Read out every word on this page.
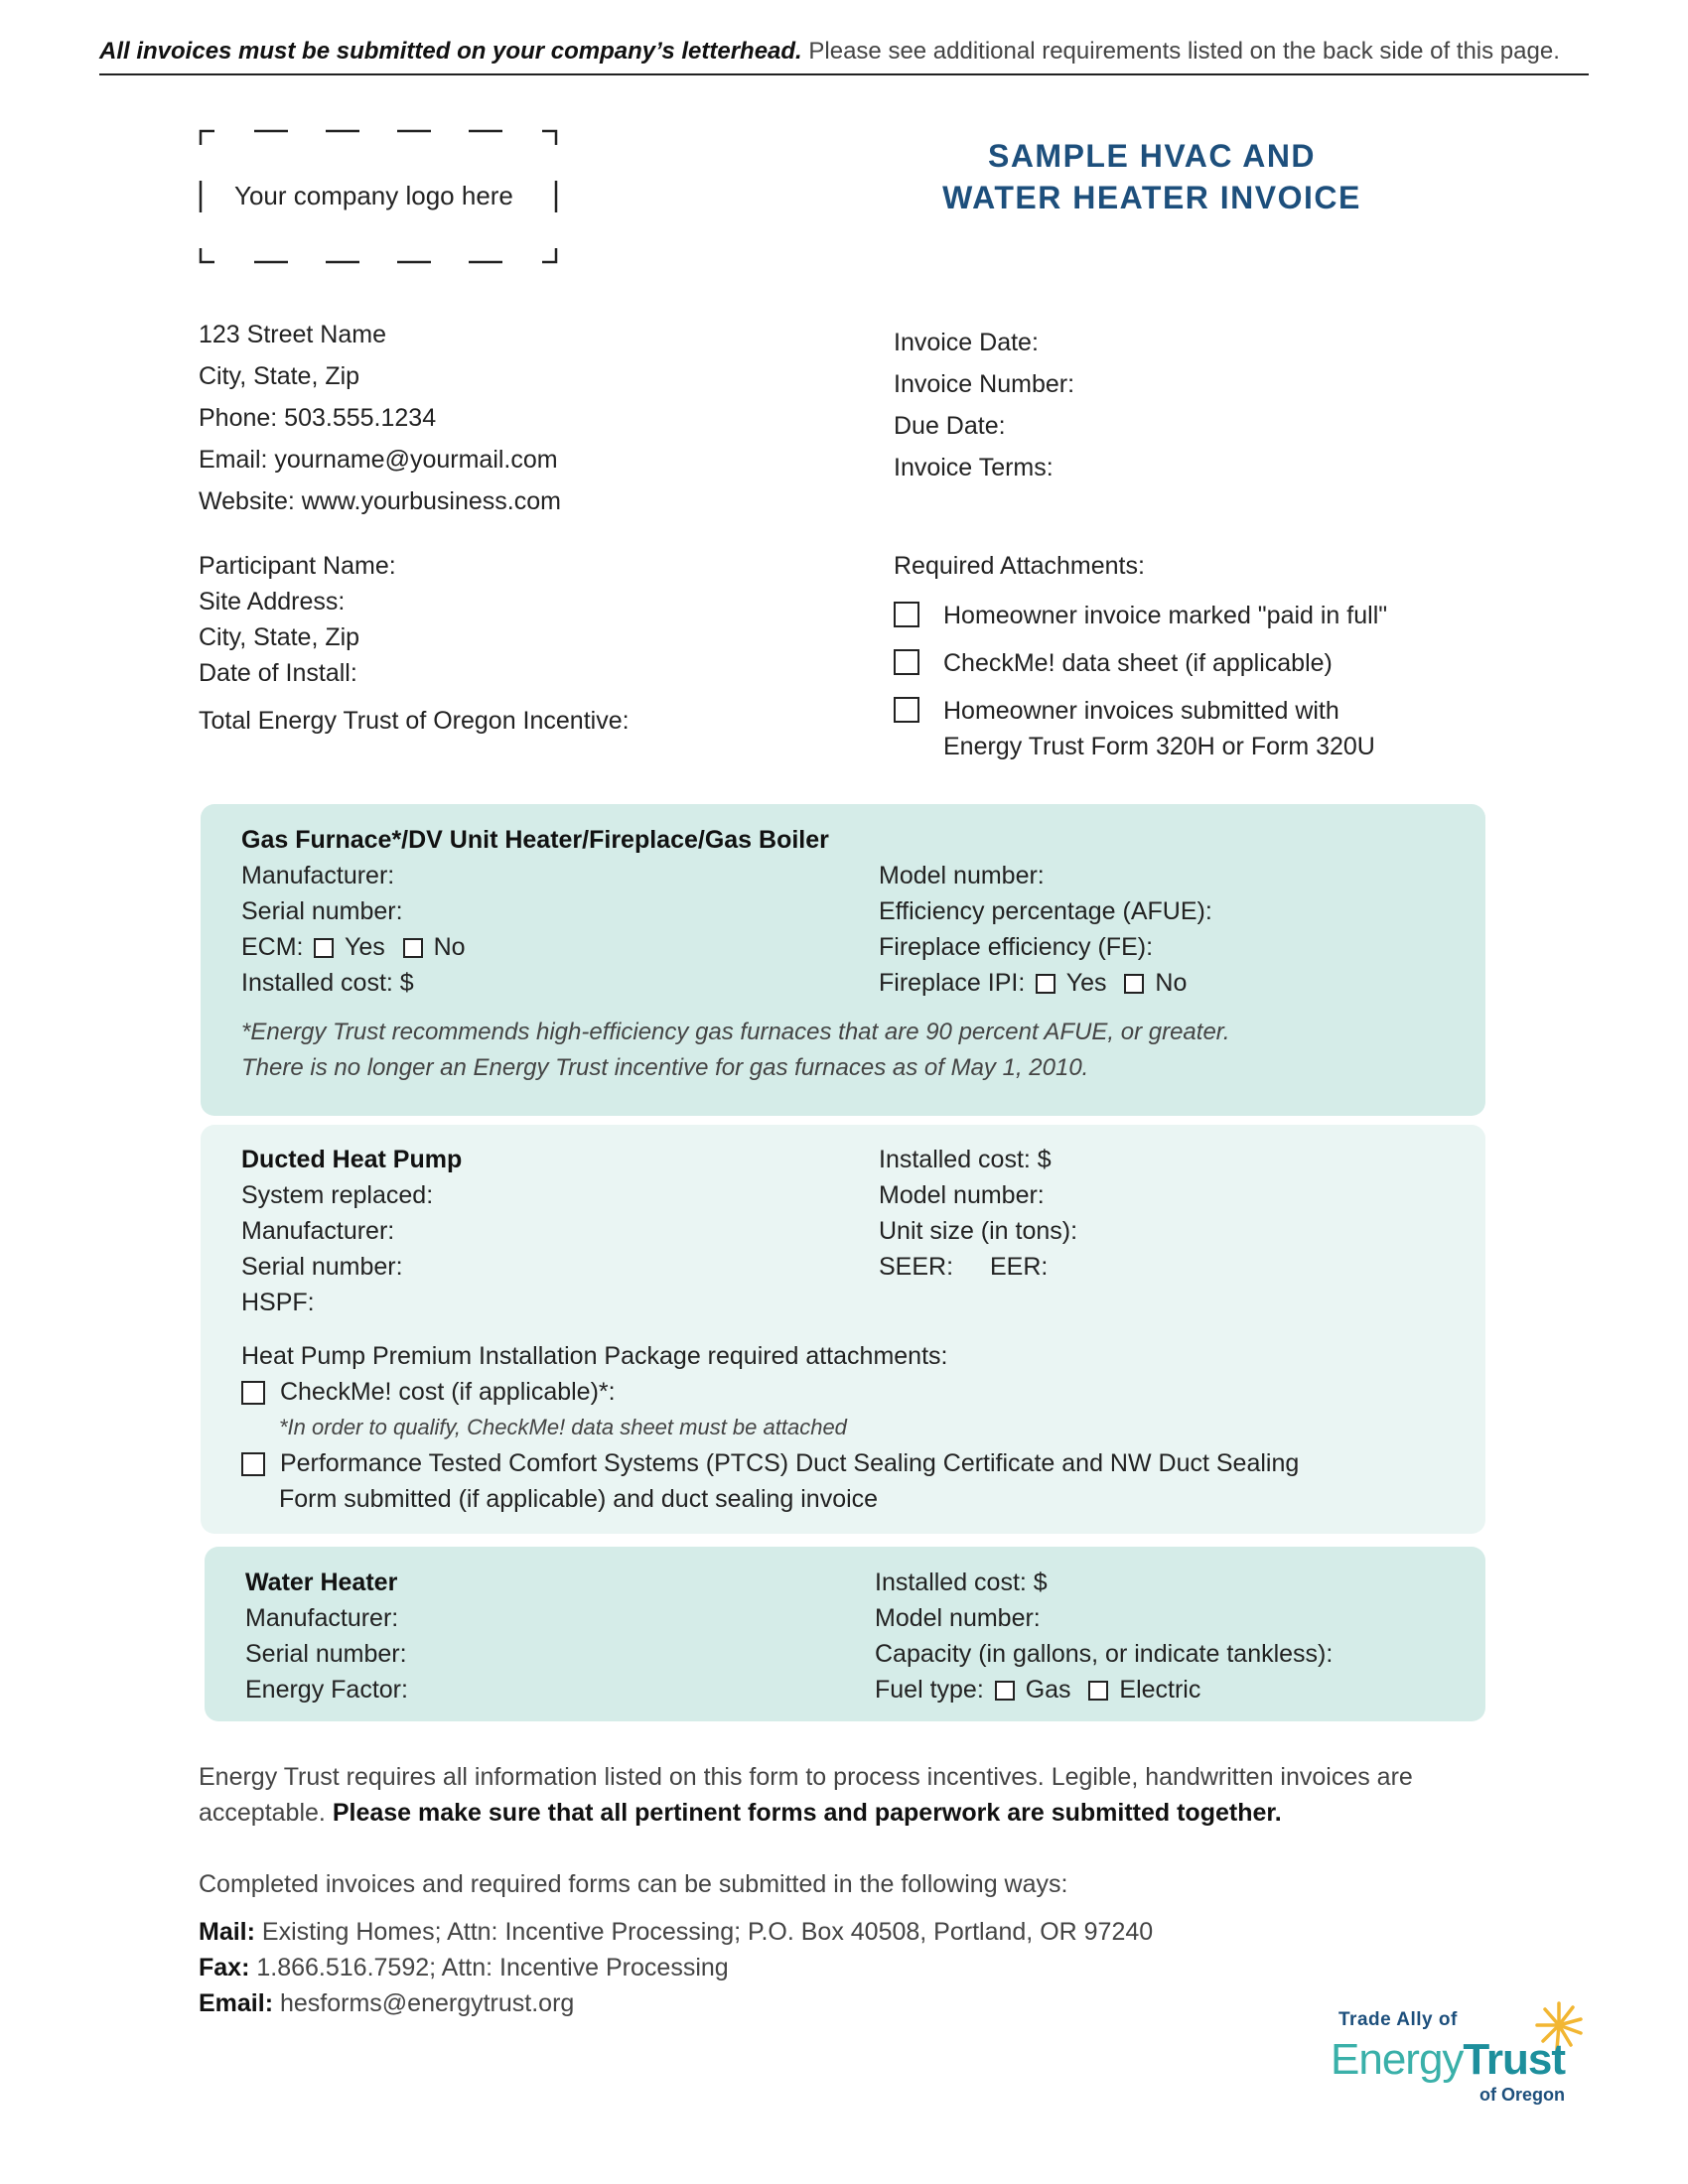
All invoices must be submitted on your company’s letterhead. Please see additional requirements listed on the back side of this page.
Your company logo here
SAMPLE HVAC AND
WATER HEATER INVOICE
123 Street Name
City, State, Zip
Phone: 503.555.1234
Email: yourname@yourmail.com
Website: www.yourbusiness.com
Invoice Date:
Invoice Number:
Due Date:
Invoice Terms:
Participant Name:
Site Address:
City, State, Zip
Date of Install:
Total Energy Trust of Oregon Incentive:
Required Attachments:
Homeowner invoice marked "paid in full"
CheckMe! data sheet (if applicable)
Homeowner invoices submitted with
Energy Trust Form 320H or Form 320U
Gas Furnace*/DV Unit Heater/Fireplace/Gas Boiler
Manufacturer:
Serial number:
ECM: Yes No
Installed cost: $
Model number:
Efficiency percentage (AFUE):
Fireplace efficiency (FE):
Fireplace IPI: Yes No
*Energy Trust recommends high-efficiency gas furnaces that are 90 percent AFUE, or greater.
There is no longer an Energy Trust incentive for gas furnaces as of May 1, 2010.
Ducted Heat Pump
System replaced:
Manufacturer:
Serial number:
HSPF:
Installed cost: $
Model number:
Unit size (in tons):
SEER: EER:
Heat Pump Premium Installation Package required attachments:
CheckMe! cost (if applicable)*:
*In order to qualify, CheckMe! data sheet must be attached
Performance Tested Comfort Systems (PTCS) Duct Sealing Certificate and NW Duct Sealing
Form submitted (if applicable) and duct sealing invoice
Water Heater
Manufacturer:
Serial number:
Energy Factor:
Installed cost: $
Model number:
Capacity (in gallons, or indicate tankless):
Fuel type: Gas Electric
Energy Trust requires all information listed on this form to process incentives. Legible, handwritten invoices are
acceptable. Please make sure that all pertinent forms and paperwork are submitted together.
Completed invoices and required forms can be submitted in the following ways:
Mail: Existing Homes; Attn: Incentive Processing; P.O. Box 40508, Portland, OR 97240
Fax: 1.866.516.7592; Attn: Incentive Processing
Email: hesforms@energytrust.org
Trade Ally of
EnergyTrust
of Oregon
